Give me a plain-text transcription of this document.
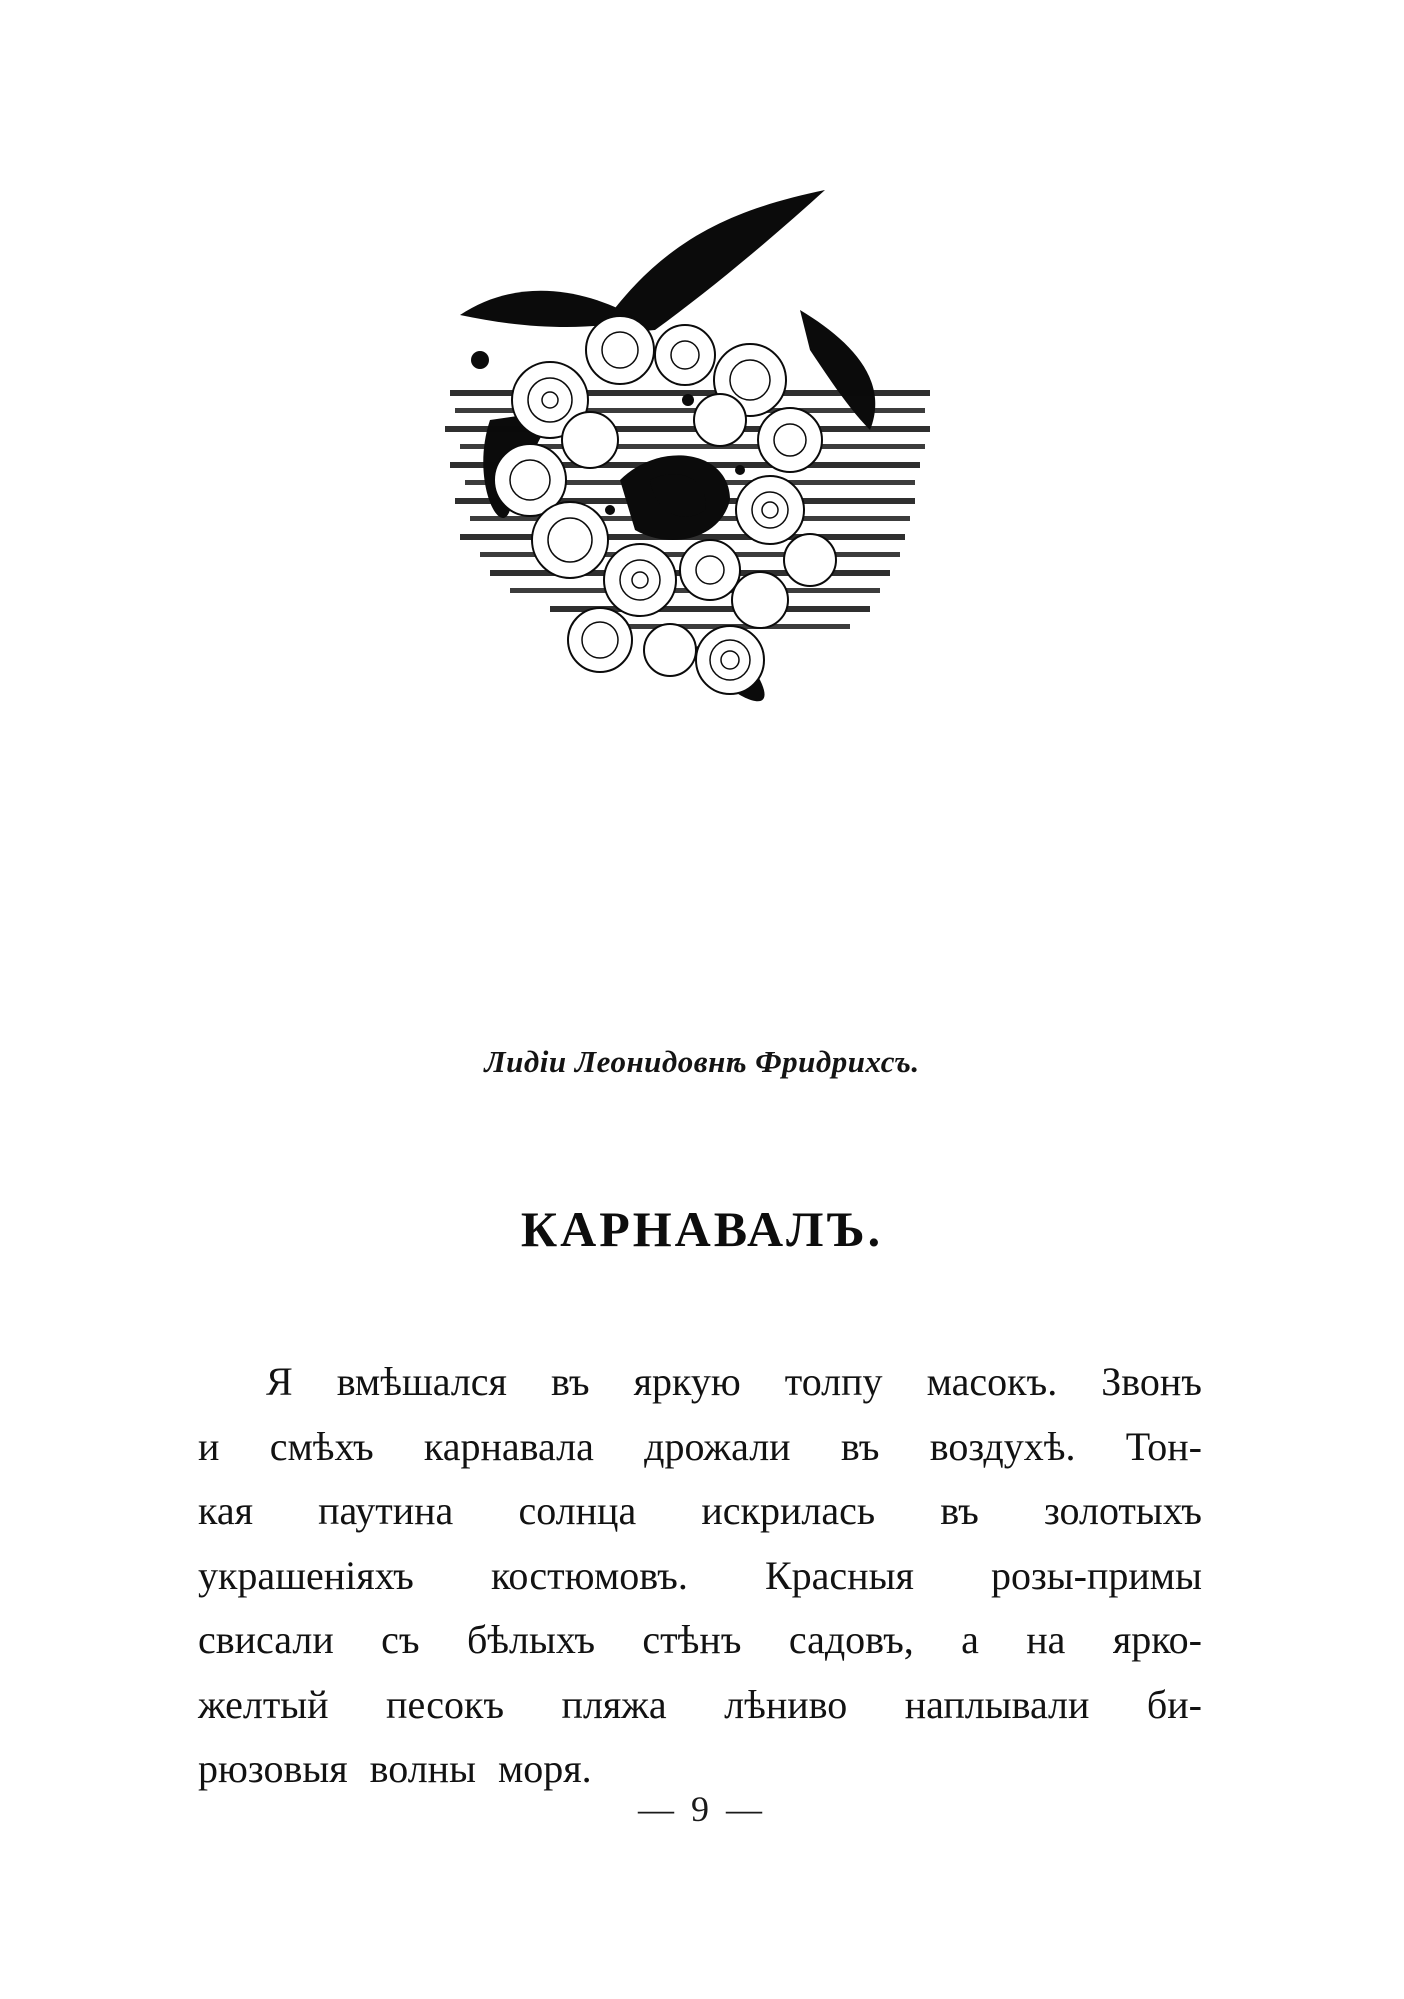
Лидіи Леонидовнѣ Фридрихсъ.
КАРНАВАЛЪ.
Я вмѣшался въ яркую толпу масокъ. Звонъ
и смѣхъ карнавала дрожали въ воздухѣ. Тон-
кая паутина солнца искрилась въ золотыхъ
украшеніяхъ костюмовъ. Красныя розы-примы
свисали съ бѣлыхъ стѣнъ садовъ, а на ярко-
желтый песокъ пляжа лѣниво наплывали би-
рюзовыя волны моря.
— 9 —
